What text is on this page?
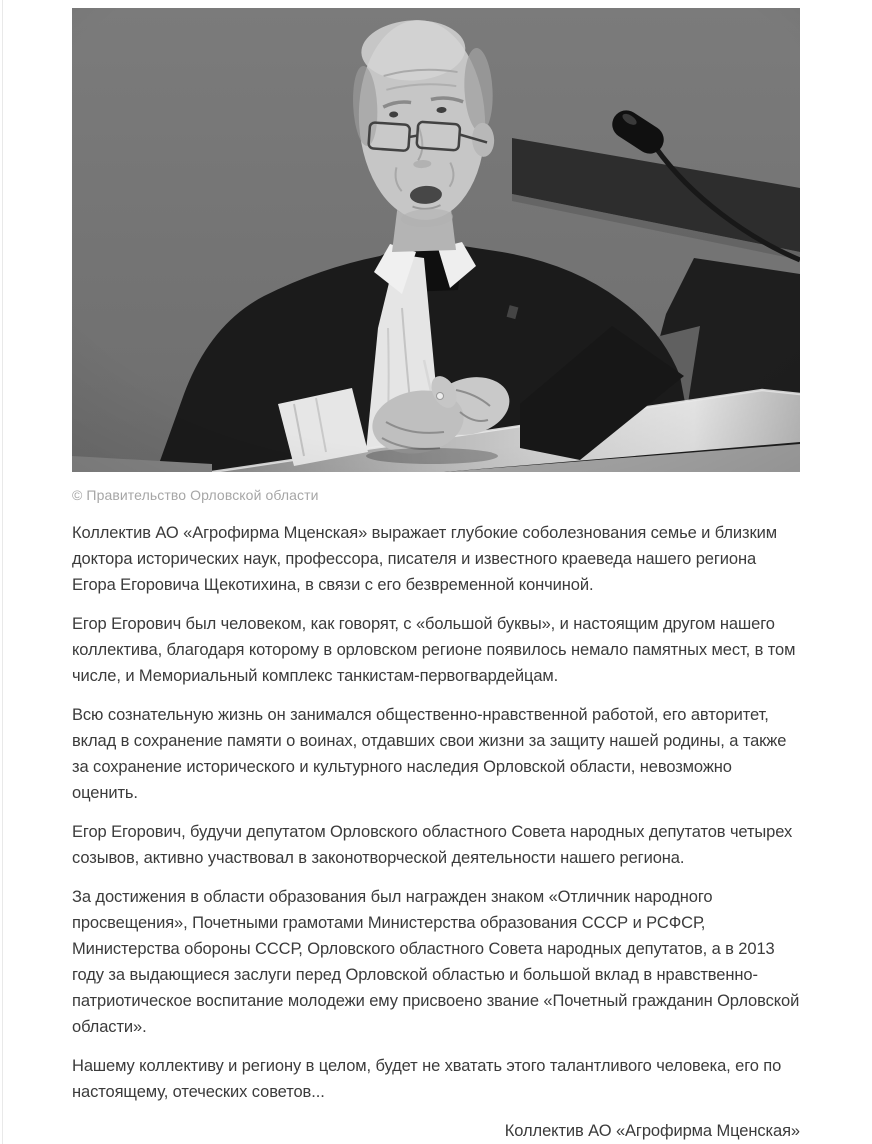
© Правительство Орловской области

Коллектив АО «Агрофирма Мценская» выражает глубокие соболезнования семье и близким доктора исторических наук, профессора, писателя и известного краеведа нашего региона Егора Егоровича Щекотихина, в связи с его безвременной кончиной.

Егор Егорович был человеком, как говорят, с «большой буквы», и настоящим другом нашего коллектива, благодаря которому в орловском регионе появилось немало памятных мест, в том числе, и Мемориальный комплекс танкистам-первогвардейцам.

Всю сознательную жизнь он занимался общественно-нравственной работой, его авторитет, вклад в сохранение памяти о воинах, отдавших свои жизни за защиту нашей родины, а также за сохранение исторического и культурного наследия Орловской области, невозможно оценить.

Егор Егорович, будучи депутатом Орловского областного Совета народных депутатов четырех созывов, активно участвовал в законотворческой деятельности нашего региона.

За достижения в области образования был награжден знаком «Отличник народного просвещения», Почетными грамотами Министерства образования СССР и РСФСР, Министерства обороны СССР, Орловского областного Совета народных депутатов, а в 2013 году за выдающиеся заслуги перед Орловской областью и большой вклад в нравственно-патриотическое воспитание молодежи ему присвоено звание «Почетный гражданин Орловской области».

Нашему коллективу и региону в целом, будет не хватать этого талантливого человека, его по настоящему, отеческих советов...

Коллектив АО «Агрофирма Мценская»
